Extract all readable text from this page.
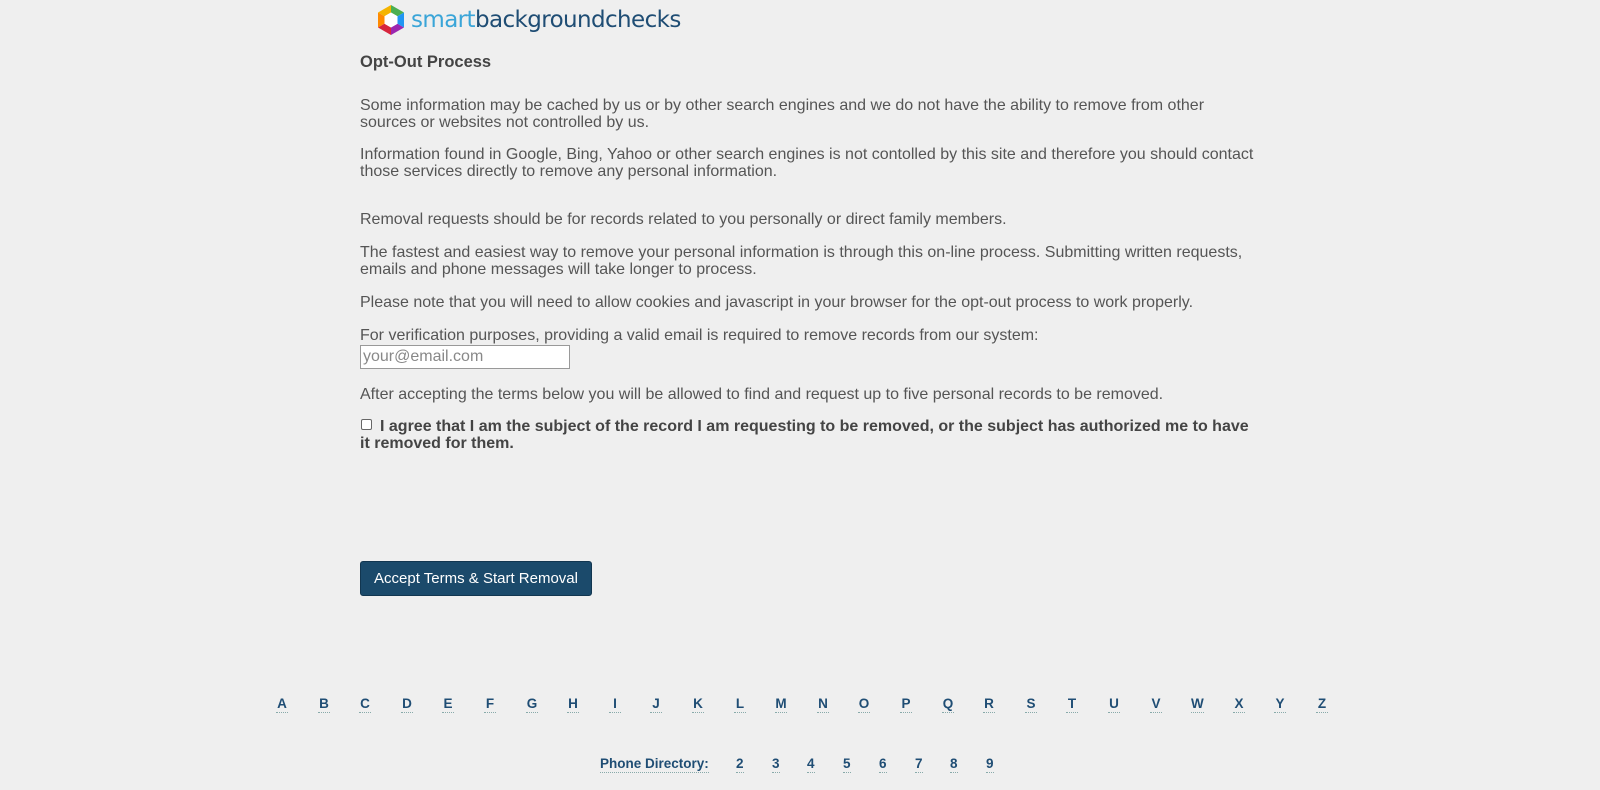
smartbackgroundchecks
Opt-Out Process

Some information may be cached by us or by other search engines and we do not have the ability to remove from other sources or websites not controlled by us.

Information found in Google, Bing, Yahoo or other search engines is not contolled by this site and therefore you should contact those services directly to remove any personal information.

Removal requests should be for records related to you personally or direct family members.

The fastest and easiest way to remove your personal information is through this on-line process. Submitting written requests, emails and phone messages will take longer to process.

Please note that you will need to allow cookies and javascript in your browser for the opt-out process to work properly.

For verification purposes, providing a valid email is required to remove records from our system:

your@email.com

After accepting the terms below you will be allowed to find and request up to five personal records to be removed.

I agree that I am the subject of the record I am requesting to be removed, or the subject has authorized me to have it removed for them.
Accept Terms & Start Removal
A B C D E F G H	I	J K L M N O P Q R S T U V W X Y Z
Phone Directory: 2 3 4 5 6 7 8 9
